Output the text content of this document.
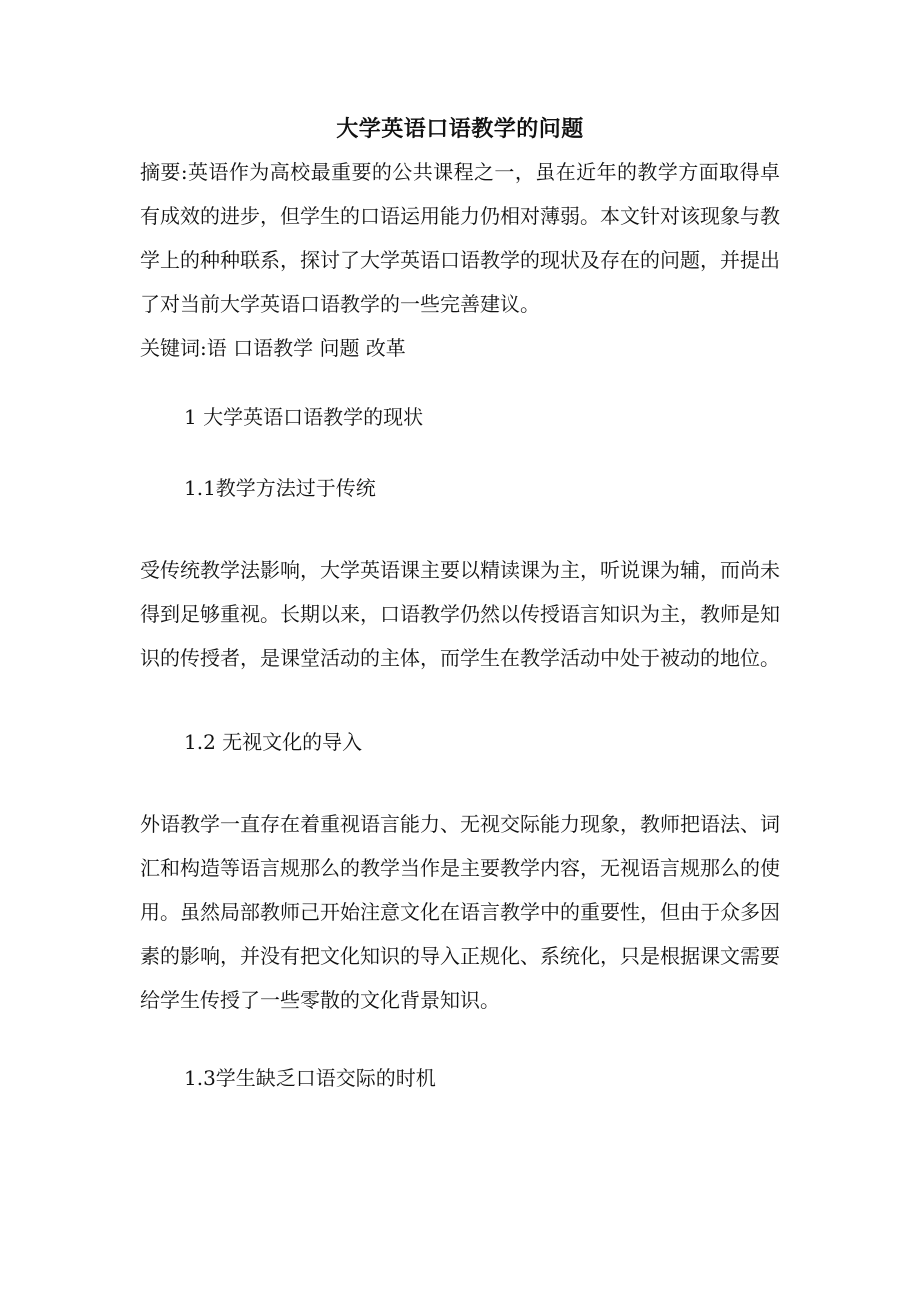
大学英语口语教学的问题

摘要:英语作为高校最重要的公共课程之一，虽在近年的教学方面取得卓有成效的进步，但学生的口语运用能力仍相对薄弱。本文针对该现象与教学上的种种联系，探讨了大学英语口语教学的现状及存在的问题，并提出了对当前大学英语口语教学的一些完善建议。

关键词:语 口语教学 问题 改革

1 大学英语口语教学的现状

1.1教学方法过于传统

受传统教学法影响，大学英语课主要以精读课为主，听说课为辅，而尚未得到足够重视。长期以来，口语教学仍然以传授语言知识为主，教师是知识的传授者，是课堂活动的主体，而学生在教学活动中处于被动的地位。

1.2 无视文化的导入

外语教学一直存在着重视语言能力、无视交际能力现象，教师把语法、词汇和构造等语言规那么的教学当作是主要教学内容，无视语言规那么的使用。虽然局部教师己开始注意文化在语言教学中的重要性，但由于众多因素的影响，并没有把文化知识的导入正规化、系统化，只是根据课文需要给学生传授了一些零散的文化背景知识。

1.3学生缺乏口语交际的时机
